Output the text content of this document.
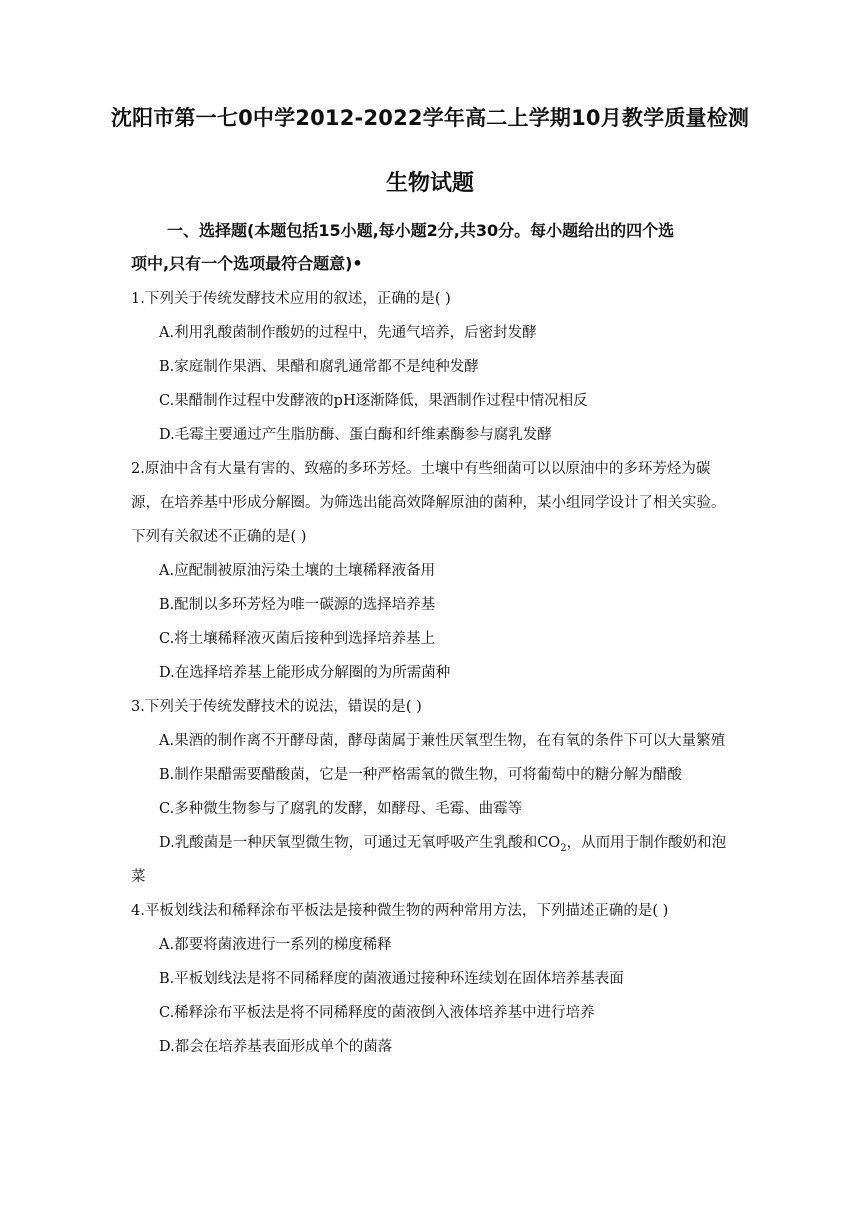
沈阳市第一七0中学2012-2022学年高二上学期10月教学质量检测
生物试题
一、选择题(本题包括15小题,每小题2分,共30分。每小题给出的四个选
项中,只有一个选项最符合题意)•
1.下列关于传统发酵技术应用的叙述，正确的是( )
A.利用乳酸菌制作酸奶的过程中，先通气培养，后密封发酵
B.家庭制作果酒、果醋和腐乳通常都不是纯种发酵
C.果醋制作过程中发酵液的pH逐渐降低，果酒制作过程中情况相反
D.毛霉主要通过产生脂肪酶、蛋白酶和纤维素酶参与腐乳发酵
2.原油中含有大量有害的、致癌的多环芳烃。土壤中有些细菌可以以原油中的多环芳烃为碳源，在培养基中形成分解圈。为筛选出能高效降解原油的菌种，某小组同学设计了相关实验。下列有关叙述不正确的是( )
A.应配制被原油污染土壤的土壤稀释液备用
B.配制以多环芳烃为唯一碳源的选择培养基
C.将土壤稀释液灭菌后接种到选择培养基上
D.在选择培养基上能形成分解圈的为所需菌种
3.下列关于传统发酵技术的说法，错误的是( )
A.果酒的制作离不开酵母菌，酵母菌属于兼性厌氧型生物，在有氧的条件下可以大量繁殖
B.制作果醋需要醋酸菌，它是一种严格需氧的微生物，可将葡萄中的糖分解为醋酸
C.多种微生物参与了腐乳的发酵，如酵母、毛霉、曲霉等
D.乳酸菌是一种厌氧型微生物，可通过无氧呼吸产生乳酸和$CO_2$，从而用于制作酸奶和泡菜
4.平板划线法和稀释涂布平板法是接种微生物的两种常用方法，下列描述正确的是( )
A.都要将菌液进行一系列的梯度稀释
B.平板划线法是将不同稀释度的菌液通过接种环连续划在固体培养基表面
C.稀释涂布平板法是将不同稀释度的菌液倒入液体培养基中进行培养
D.都会在培养基表面形成单个的菌落
